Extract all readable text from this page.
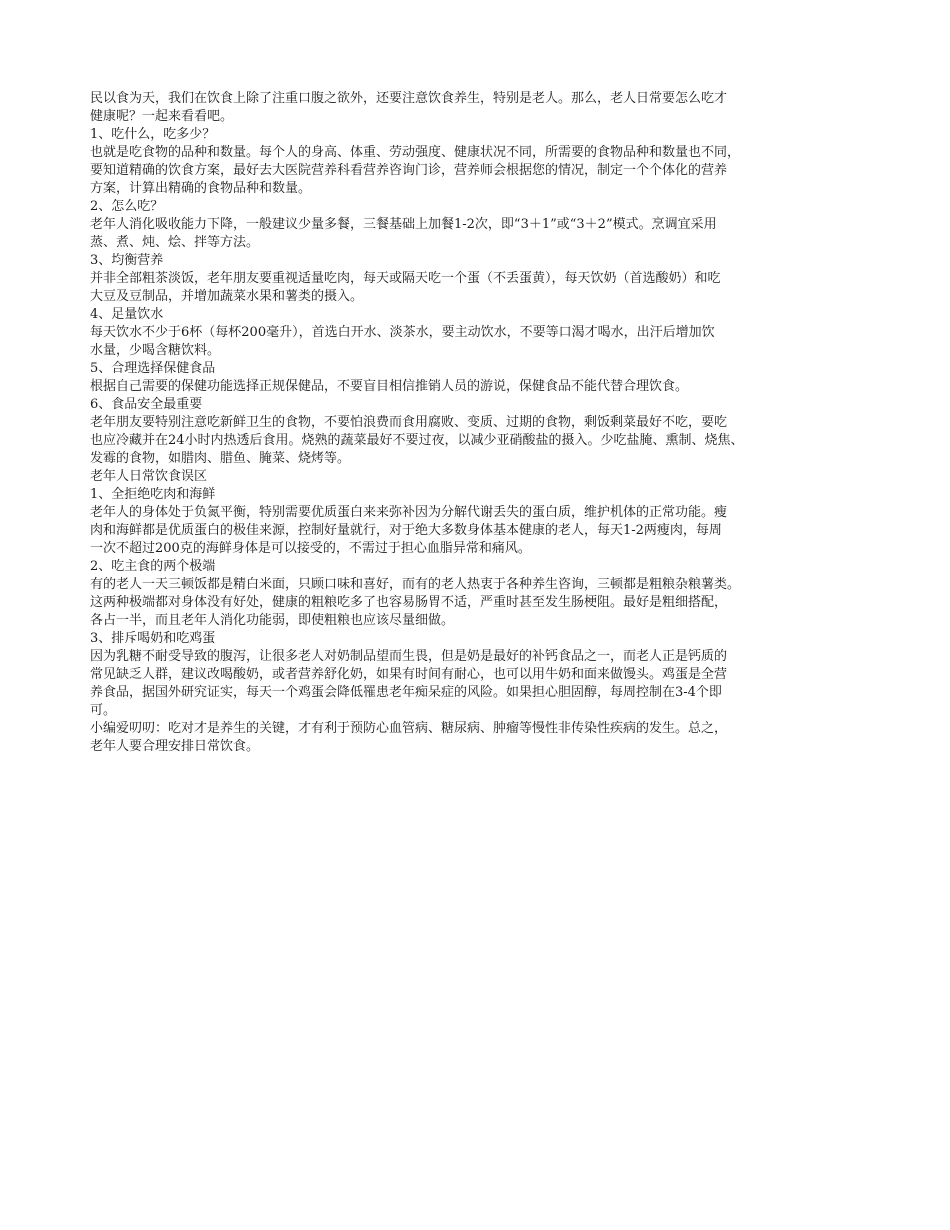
民以食为天，我们在饮食上除了注重口腹之欲外，还要注意饮食养生，特别是老人。那么，老人日常要怎么吃才
健康呢？一起来看看吧。
1、吃什么，吃多少？
也就是吃食物的品种和数量。每个人的身高、体重、劳动强度、健康状况不同，所需要的食物品种和数量也不同，
要知道精确的饮食方案，最好去大医院营养科看营养咨询门诊，营养师会根据您的情况，制定一个个体化的营养
方案，计算出精确的食物品种和数量。
2、怎么吃？
老年人消化吸收能力下降，一般建议少量多餐，三餐基础上加餐1-2次，即“3＋1”或“3＋2”模式。烹调宜采用
蒸、煮、炖、烩、拌等方法。
3、均衡营养
并非全部粗茶淡饭，老年朋友要重视适量吃肉，每天或隔天吃一个蛋（不丢蛋黄），每天饮奶（首选酸奶）和吃
大豆及豆制品，并增加蔬菜水果和薯类的摄入。
4、足量饮水
每天饮水不少于6杯（每杯200毫升），首选白开水、淡茶水，要主动饮水，不要等口渴才喝水，出汗后增加饮
水量，少喝含糖饮料。
5、合理选择保健食品
根据自己需要的保健功能选择正规保健品，不要盲目相信推销人员的游说，保健食品不能代替合理饮食。
6、食品安全最重要
老年朋友要特别注意吃新鲜卫生的食物，不要怕浪费而食用腐败、变质、过期的食物，剩饭剩菜最好不吃，要吃
也应冷藏并在24小时内热透后食用。烧熟的蔬菜最好不要过夜，以减少亚硝酸盐的摄入。少吃盐腌、熏制、烧焦、
发霉的食物，如腊肉、腊鱼、腌菜、烧烤等。
老年人日常饮食误区
1、全拒绝吃肉和海鲜
老年人的身体处于负氮平衡，特别需要优质蛋白来来弥补因为分解代谢丢失的蛋白质，维护机体的正常功能。瘦
肉和海鲜都是优质蛋白的极佳来源，控制好量就行，对于绝大多数身体基本健康的老人，每天1-2两瘦肉，每周
一次不超过200克的海鲜身体是可以接受的，不需过于担心血脂异常和痛风。
2、吃主食的两个极端
有的老人一天三顿饭都是精白米面，只顾口味和喜好，而有的老人热衷于各种养生咨询，三顿都是粗粮杂粮薯类。
这两种极端都对身体没有好处，健康的粗粮吃多了也容易肠胃不适，严重时甚至发生肠梗阻。最好是粗细搭配，
各占一半，而且老年人消化功能弱，即使粗粮也应该尽量细做。
3、排斥喝奶和吃鸡蛋
因为乳糖不耐受导致的腹泻，让很多老人对奶制品望而生畏，但是奶是最好的补钙食品之一，而老人正是钙质的
常见缺乏人群，建议改喝酸奶，或者营养舒化奶，如果有时间有耐心，也可以用牛奶和面来做馒头。鸡蛋是全营
养食品，据国外研究证实，每天一个鸡蛋会降低罹患老年痴呆症的风险。如果担心胆固醇，每周控制在3-4个即
可。
小编爱叨叨：吃对才是养生的关键，才有利于预防心血管病、糖尿病、肿瘤等慢性非传染性疾病的发生。总之，
老年人要合理安排日常饮食。
